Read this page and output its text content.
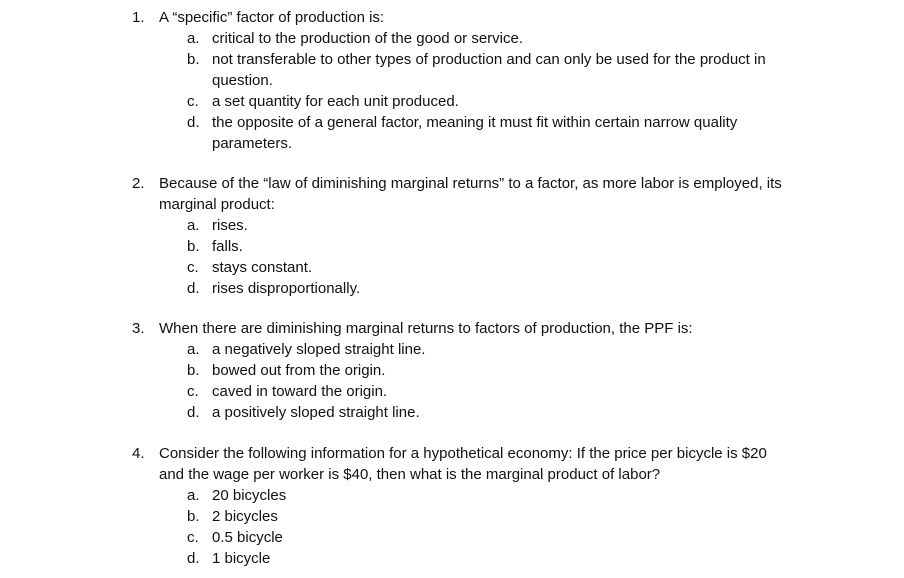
1. A “specific” factor of production is:
a. critical to the production of the good or service.
b. not transferable to other types of production and can only be used for the product in question.
c. a set quantity for each unit produced.
d. the opposite of a general factor, meaning it must fit within certain narrow quality parameters.
2. Because of the “law of diminishing marginal returns” to a factor, as more labor is employed, its marginal product:
a. rises.
b. falls.
c. stays constant.
d. rises disproportionally.
3. When there are diminishing marginal returns to factors of production, the PPF is:
a. a negatively sloped straight line.
b. bowed out from the origin.
c. caved in toward the origin.
d. a positively sloped straight line.
4. Consider the following information for a hypothetical economy: If the price per bicycle is $20 and the wage per worker is $40, then what is the marginal product of labor?
a. 20 bicycles
b. 2 bicycles
c. 0.5 bicycle
d. 1 bicycle
